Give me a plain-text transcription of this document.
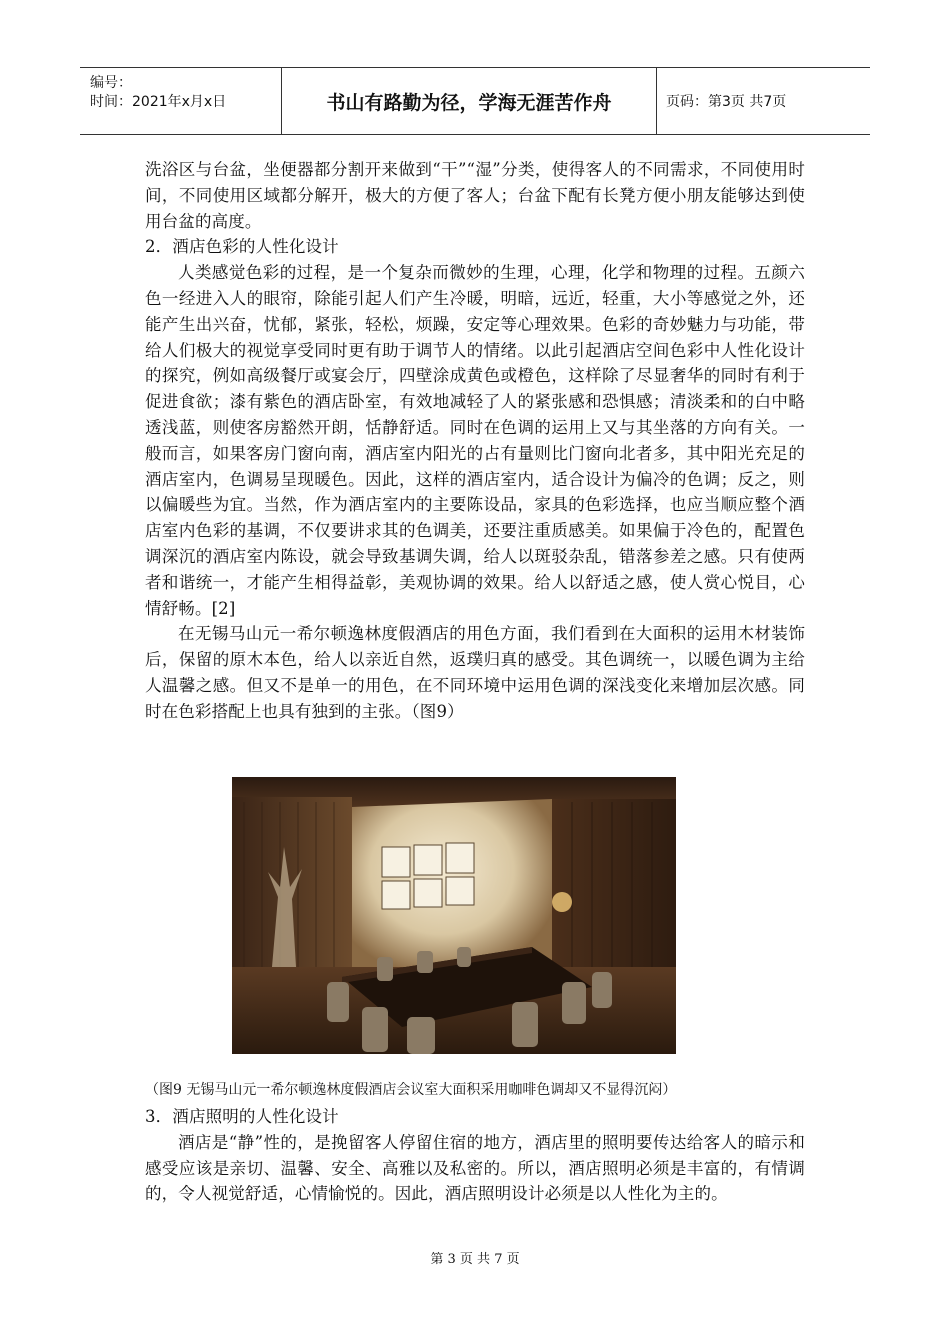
编号：
时间：2021年x月x日	书山有路勤为径，学海无涯苦作舟	页码：第3页 共7页

洗浴区与台盆，坐便器都分割开来做到“干”“湿”分类，使得客人的不同需求，不同使用时间，不同使用区域都分解开，极大的方便了客人；台盆下配有长凳方便小朋友能够达到使用台盆的高度。

2．酒店色彩的人性化设计

人类感觉色彩的过程，是一个复杂而微妙的生理，心理，化学和物理的过程。五颜六色一经进入人的眼帘，除能引起人们产生冷暖，明暗，远近，轻重，大小等感觉之外，还能产生出兴奋，忧郁，紧张，轻松，烦躁，安定等心理效果。色彩的奇妙魅力与功能，带给人们极大的视觉享受同时更有助于调节人的情绪。以此引起酒店空间色彩中人性化设计的探究，例如高级餐厅或宴会厅，四壁涂成黄色或橙色，这样除了尽显奢华的同时有利于促进食欲；漆有紫色的酒店卧室，有效地减轻了人的紧张感和恐惧感；清淡柔和的白中略透浅蓝，则使客房豁然开朗，恬静舒适。同时在色调的运用上又与其坐落的方向有关。一般而言，如果客房门窗向南，酒店室内阳光的占有量则比门窗向北者多，其中阳光充足的酒店室内，色调易呈现暖色。因此，这样的酒店室内，适合设计为偏冷的色调；反之，则以偏暖些为宜。当然，作为酒店室内的主要陈设品，家具的色彩选择，也应当顺应整个酒店室内色彩的基调，不仅要讲求其的色调美，还要注重质感美。如果偏于冷色的，配置色调深沉的酒店室内陈设，就会导致基调失调，给人以斑驳杂乱，错落参差之感。只有使两者和谐统一，才能产生相得益彰，美观协调的效果。给人以舒适之感，使人赏心悦目，心情舒畅。[2]

在无锡马山元一希尔顿逸林度假酒店的用色方面，我们看到在大面积的运用木材装饰后，保留的原木本色，给人以亲近自然，返璞归真的感受。其色调统一，以暖色调为主给人温馨之感。但又不是单一的用色，在不同环境中运用色调的深浅变化来增加层次感。同时在色彩搭配上也具有独到的主张。（图9）

（图9 无锡马山元一希尔顿逸林度假酒店会议室大面积采用咖啡色调却又不显得沉闷）

3．酒店照明的人性化设计

酒店是“静”性的，是挽留客人停留住宿的地方，酒店里的照明要传达给客人的暗示和感受应该是亲切、温馨、安全、高雅以及私密的。所以，酒店照明必须是丰富的，有情调的，令人视觉舒适，心情愉悦的。因此，酒店照明设计必须是以人性化为主的。

第 3 页 共 7 页
